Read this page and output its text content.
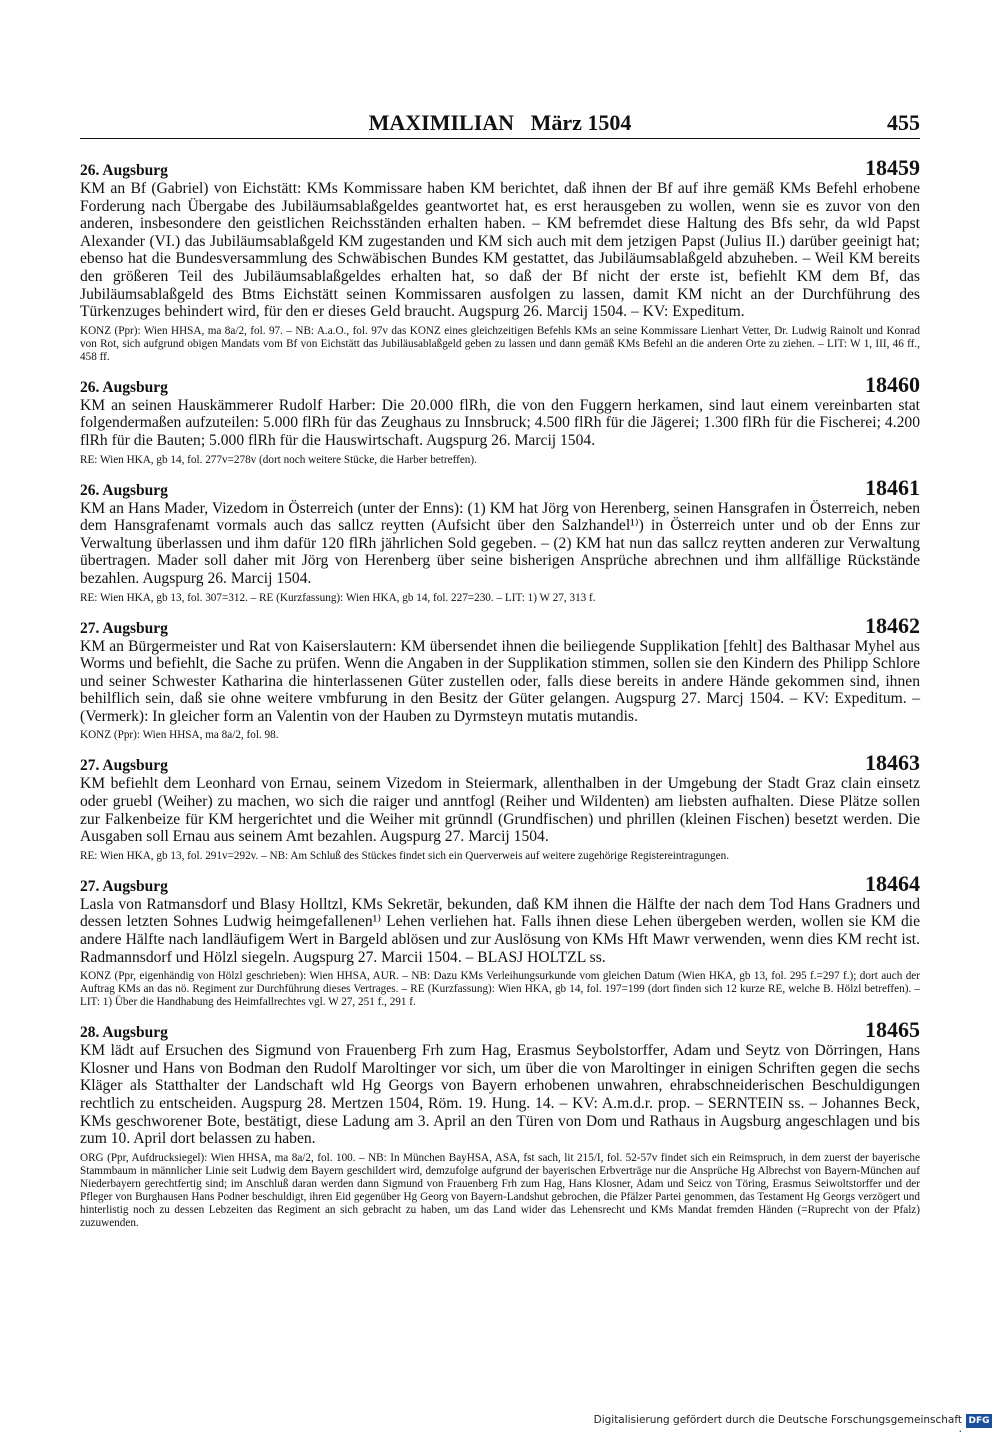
MAXIMILIAN   März 1504	455
26. Augsburg	18459

KM an Bf (Gabriel) von Eichstätt: KMs Kommissare haben KM berichtet, daß ihnen der Bf auf ihre gemäß KMs Befehl erhobene Forderung nach Übergabe des Jubiläumsablaßgeldes geantwortet hat, es erst herausgeben zu wollen, wenn sie es zuvor von den anderen, insbesondere den geistlichen Reichsständen erhalten haben. – KM befremdet diese Haltung des Bfs sehr, da wld Papst Alexander (VI.) das Jubiläumsablaßgeld KM zugestanden und KM sich auch mit dem jetzigen Papst (Julius II.) darüber geeinigt hat; ebenso hat die Bundesversammlung des Schwäbischen Bundes KM gestattet, das Jubiläumsablaßgeld abzuheben. – Weil KM bereits den größeren Teil des Jubiläumsablaßgeldes erhalten hat, so daß der Bf nicht der erste ist, befiehlt KM dem Bf, das Jubiläumsablaßgeld des Btms Eichstätt seinen Kommissaren ausfolgen zu lassen, damit KM nicht an der Durchführung des Türkenzuges behindert wird, für den er dieses Geld braucht. Augspurg 26. Marcij 1504. – KV: Expeditum.

KONZ (Ppr): Wien HHSA, ma 8a/2, fol. 97. – NB: A.a.O., fol. 97v das KONZ eines gleichzeitigen Befehls KMs an seine Kommissare Lienhart Vetter, Dr. Ludwig Rainolt und Konrad von Rot, sich aufgrund obigen Mandats vom Bf von Eichstätt das Jubiläusablaßgeld geben zu lassen und dann gemäß KMs Befehl an die anderen Orte zu ziehen. – LIT: W 1, III, 46 ff., 458 ff.

26. Augsburg	18460

KM an seinen Hauskämmerer Rudolf Harber: Die 20.000 flRh, die von den Fuggern herkamen, sind laut einem vereinbarten stat folgendermaßen aufzuteilen: 5.000 flRh für das Zeughaus zu Innsbruck; 4.500 flRh für die Jägerei; 1.300 flRh für die Fischerei; 4.200 flRh für die Bauten; 5.000 flRh für die Hauswirtschaft. Augspurg 26. Marcij 1504.

RE: Wien HKA, gb 14, fol. 277v=278v (dort noch weitere Stücke, die Harber betreffen).

26. Augsburg	18461

KM an Hans Mader, Vizedom in Österreich (unter der Enns): (1) KM hat Jörg von Herenberg, seinen Hansgrafen in Österreich, neben dem Hansgrafenamt vormals auch das sallcz reytten (Aufsicht über den Salzhandel¹⁾) in Österreich unter und ob der Enns zur Verwaltung überlassen und ihm dafür 120 flRh jährlichen Sold gegeben. – (2) KM hat nun das sallcz reytten anderen zur Verwaltung übertragen. Mader soll daher mit Jörg von Herenberg über seine bisherigen Ansprüche abrechnen und ihm allfällige Rückstände bezahlen. Augspurg 26. Marcij 1504.

RE: Wien HKA, gb 13, fol. 307=312. – RE (Kurzfassung): Wien HKA, gb 14, fol. 227=230. – LIT: 1) W 27, 313 f.

27. Augsburg	18462

KM an Bürgermeister und Rat von Kaiserslautern: KM übersendet ihnen die beiliegende Supplikation [fehlt] des Balthasar Myhel aus Worms und befiehlt, die Sache zu prüfen. Wenn die Angaben in der Supplikation stimmen, sollen sie den Kindern des Philipp Schlore und seiner Schwester Katharina die hinterlassenen Güter zustellen oder, falls diese bereits in andere Hände gekommen sind, ihnen behilflich sein, daß sie ohne weitere vmbfurung in den Besitz der Güter gelangen. Augspurg 27. Marcj 1504. – KV: Expeditum. – (Vermerk): In gleicher form an Valentin von der Hauben zu Dyrmsteyn mutatis mutandis.

KONZ (Ppr): Wien HHSA, ma 8a/2, fol. 98.

27. Augsburg	18463

KM befiehlt dem Leonhard von Ernau, seinem Vizedom in Steiermark, allenthalben in der Umgebung der Stadt Graz clain einsetz oder gruebl (Weiher) zu machen, wo sich die raiger und anntfogl (Reiher und Wildenten) am liebsten aufhalten. Diese Plätze sollen zur Falkenbeize für KM hergerichtet und die Weiher mit grünndl (Grundfischen) und phrillen (kleinen Fischen) besetzt werden. Die Ausgaben soll Ernau aus seinem Amt bezahlen. Augspurg 27. Marcij 1504.

RE: Wien HKA, gb 13, fol. 291v=292v. – NB: Am Schluß des Stückes findet sich ein Querverweis auf weitere zugehörige Registereintragungen.

27. Augsburg	18464

Lasla von Ratmansdorf und Blasy Holltzl, KMs Sekretär, bekunden, daß KM ihnen die Hälfte der nach dem Tod Hans Gradners und dessen letzten Sohnes Ludwig heimgefallenen¹⁾ Lehen verliehen hat. Falls ihnen diese Lehen übergeben werden, wollen sie KM die andere Hälfte nach landläufigem Wert in Bargeld ablösen und zur Auslösung von KMs Hft Mawr verwenden, wenn dies KM recht ist. Radmannsdorf und Hölzl siegeln. Augspurg 27. Marcii 1504. – BLASJ HOLTZL ss.

KONZ (Ppr, eigenhändig von Hölzl geschrieben): Wien HHSA, AUR. – NB: Dazu KMs Verleihungsurkunde vom gleichen Datum (Wien HKA, gb 13, fol. 295 f.=297 f.); dort auch der Auftrag KMs an das nö. Regiment zur Durchführung dieses Vertrages. – RE (Kurzfassung): Wien HKA, gb 14, fol. 197=199 (dort finden sich 12 kurze RE, welche B. Hölzl betreffen). – LIT: 1) Über die Handhabung des Heimfallrechtes vgl. W 27, 251 f., 291 f.

28. Augsburg	18465

KM lädt auf Ersuchen des Sigmund von Frauenberg Frh zum Hag, Erasmus Seybolstorffer, Adam und Seytz von Dörringen, Hans Klosner und Hans von Bodman den Rudolf Maroltinger vor sich, um über die von Maroltinger in einigen Schriften gegen die sechs Kläger als Statthalter der Landschaft wld Hg Georgs von Bayern erhobenen unwahren, ehrabschneiderischen Beschuldigungen rechtlich zu entscheiden. Augspurg 28. Mertzen 1504, Röm. 19. Hung. 14. – KV: A.m.d.r. prop. – SERNTEIN ss. – Johannes Beck, KMs geschworener Bote, bestätigt, diese Ladung am 3. April an den Türen von Dom und Rathaus in Augsburg angeschlagen und bis zum 10. April dort belassen zu haben.

ORG (Ppr, Aufdrucksiegel): Wien HHSA, ma 8a/2, fol. 100. – NB: In München BayHSA, ASA, fst sach, lit 215/I, fol. 52-57v findet sich ein Reimspruch, in dem zuerst der bayerische Stammbaum in männlicher Linie seit Ludwig dem Bayern geschildert wird, demzufolge aufgrund der bayerischen Erbverträge nur die Ansprüche Hg Albrechst von Bayern-München auf Niederbayern gerechtfertig sind; im Anschluß daran werden dann Sigmund von Frauenberg Frh zum Hag, Hans Klosner, Adam und Seicz von Töring, Erasmus Seiwoltstorffer und der Pfleger von Burghausen Hans Podner beschuldigt, ihren Eid gegenüber Hg Georg von Bayern-Landshut gebrochen, die Pfälzer Partei genommen, das Testament Hg Georgs verzögert und hinterlistig noch zu dessen Lebzeiten das Regiment an sich gebracht zu haben, um das Land wider das Lehensrecht und KMs Mandat fremden Händen (=Ruprecht von der Pfalz) zuzuwenden.

Digitalisierung gefördert durch die Deutsche Forschungsgemeinschaft ·
DFG
